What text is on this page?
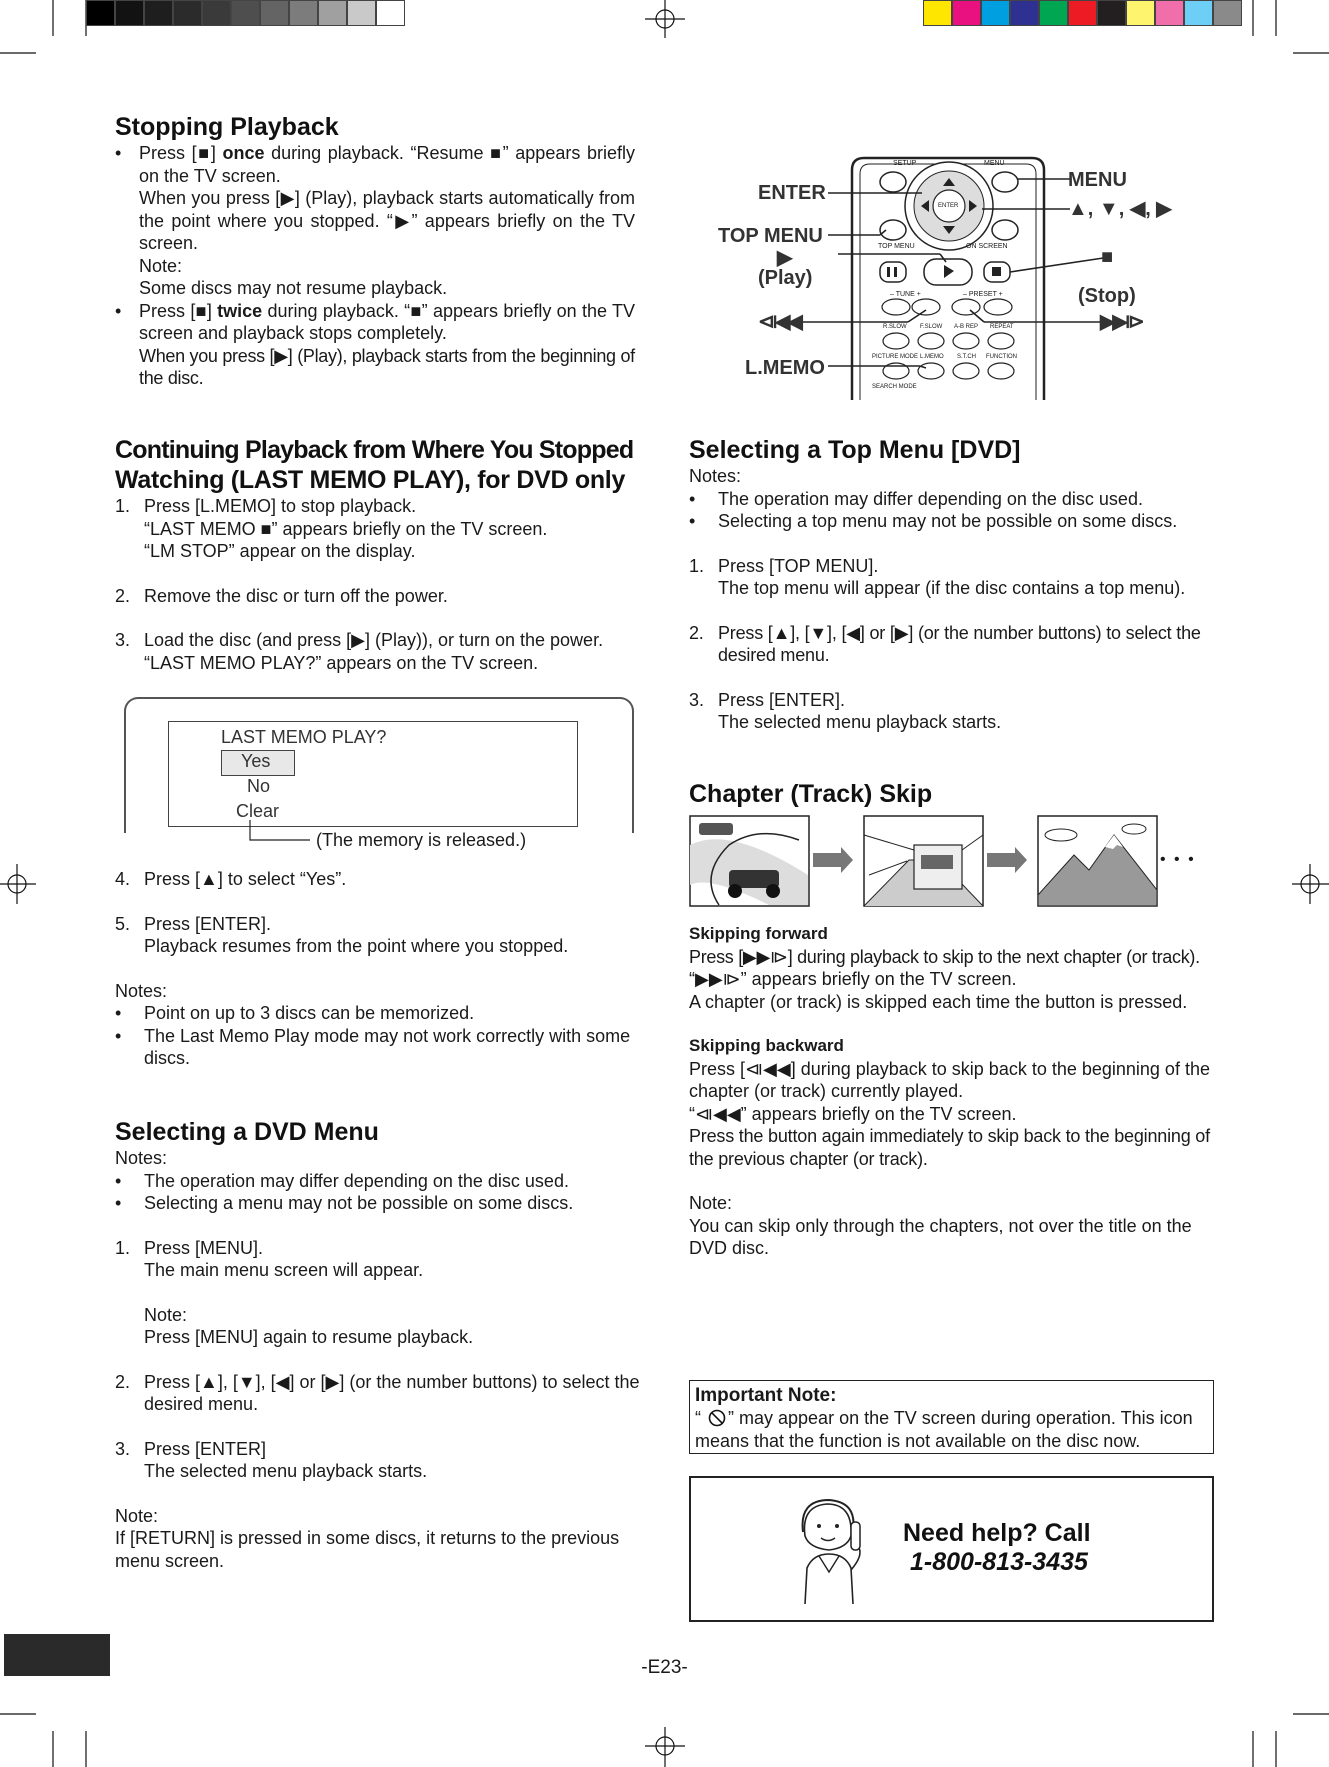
Stopping Playback
• Press [■] once during playback. “Resume ■” appears briefly on the TV screen.
When you press [▶] (Play), playback starts automatically from the point where you stopped. “▶” appears briefly on the TV screen.
Note:
Some discs may not resume playback.
• Press [■] twice during playback. “■” appears briefly on the TV screen and playback stops completely.
When you press [▶] (Play), playback starts from the beginning of the disc.
SETUP	MENU
ENTER
TOP MENU	ON SCREEN
– TUNE +	– PRESET +
R.SLOW F.SLOW A-B REP REPEAT
PICTURE MODE L.MEMO S.T.CH FUNCTION
SEARCH MODE
ENTER
TOP MENU
▶
(Play)
⧏◀◀
L.MEMO
MENU
▲, ▼, ◀, ▶
■
(Stop)
▶▶⧐
Continuing Playback from Where You Stopped
Watching (LAST MEMO PLAY), for DVD only
1. Press [L.MEMO] to stop playback.
“LAST MEMO ■” appears briefly on the TV screen.
“LM STOP” appear on the display.
2. Remove the disc or turn off the power.
3. Load the disc (and press [▶] (Play)), or turn on the power.
“LAST MEMO PLAY?” appears on the TV screen.
LAST MEMO PLAY?
Yes
No
Clear
(The memory is released.)
4. Press [▲] to select “Yes”.
5. Press [ENTER].
Playback resumes from the point where you stopped.
Notes:
• Point on up to 3 discs can be memorized.
• The Last Memo Play mode may not work correctly with some discs.
Selecting a DVD Menu
Notes:
• The operation may differ depending on the disc used.
• Selecting a menu may not be possible on some discs.
1. Press [MENU].
The main menu screen will appear.
Note:
Press [MENU] again to resume playback.
2. Press [▲], [▼], [◀] or [▶] (or the number buttons) to select the desired menu.
3. Press [ENTER]
The selected menu playback starts.
Note:
If [RETURN] is pressed in some discs, it returns to the previous menu screen.
Selecting a Top Menu [DVD]
Notes:
• The operation may differ depending on the disc used.
• Selecting a top menu may not be possible on some discs.
1. Press [TOP MENU].
The top menu will appear (if the disc contains a top menu).
2. Press [▲], [▼], [◀] or [▶] (or the number buttons) to select the desired menu.
3. Press [ENTER].
The selected menu playback starts.
Chapter (Track) Skip
• • •
Skipping forward
Press [▶▶⧐] during playback to skip to the next chapter (or track).
“▶▶⧐” appears briefly on the TV screen.
A chapter (or track) is skipped each time the button is pressed.
Skipping backward
Press [⧏◀◀] during playback to skip back to the beginning of the chapter (or track) currently played.
“⧏◀◀” appears briefly on the TV screen.
Press the button again immediately to skip back to the beginning of the previous chapter (or track).
Note:
You can skip only through the chapters, not over the title on the DVD disc.
Important Note:
“ ” may appear on the TV screen during operation. This icon means that the function is not available on the disc now.
Need help? Call
1-800-813-3435
-E23-
